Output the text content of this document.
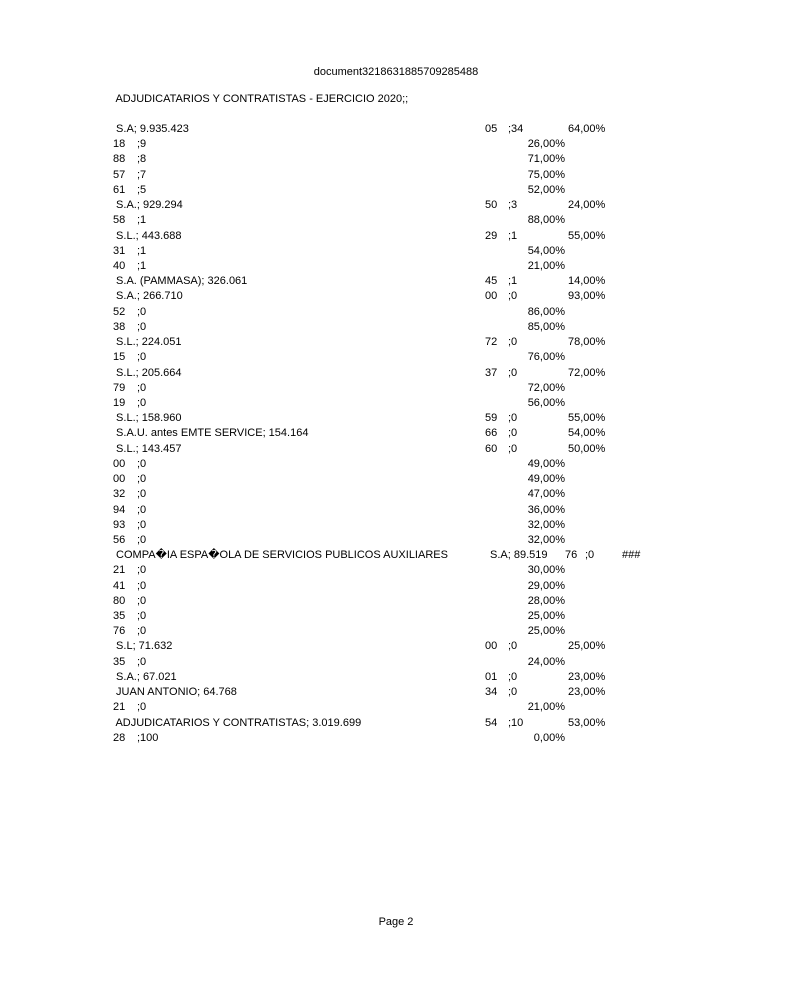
document3218631885709285488
ADJUDICATARIOS Y CONTRATISTAS - EJERCICIO 2020;;
S.A; 9.935.423	05 ;34	64,00%
18 ;9	26,00%
88 ;8	71,00%
57 ;7	75,00%
61 ;5	52,00%
S.A.; 929.294	50 ;3	24,00%
58 ;1	88,00%
S.L.; 443.688	29 ;1	55,00%
31 ;1	54,00%
40 ;1	21,00%
S.A. (PAMMASA); 326.061	45 ;1	14,00%
S.A.; 266.710	00 ;0	93,00%
52 ;0	86,00%
38 ;0	85,00%
S.L.; 224.051	72 ;0	78,00%
15 ;0	76,00%
S.L.; 205.664	37 ;0	72,00%
79 ;0	72,00%
19 ;0	56,00%
S.L.; 158.960	59 ;0	55,00%
S.A.U. antes EMTE SERVICE; 154.164	66 ;0	54,00%
S.L.; 143.457	60 ;0	50,00%
00 ;0	49,00%
00 ;0	49,00%
32 ;0	47,00%
94 ;0	36,00%
93 ;0	32,00%
56 ;0	32,00%
COMPA�IA ESPA�OLA DE SERVICIOS PUBLICOS AUXILIARES	S.A; 89.519 76 ;0	###
21 ;0	30,00%
41 ;0	29,00%
80 ;0	28,00%
35 ;0	25,00%
76 ;0	25,00%
S.L; 71.632	00 ;0	25,00%
35 ;0	24,00%
S.A.; 67.021	01 ;0	23,00%
JUAN ANTONIO; 64.768	34 ;0	23,00%
21 ;0	21,00%
ADJUDICATARIOS Y CONTRATISTAS; 3.019.699	54 ;10	53,00%
28 ;100	0,00%
Page 2
